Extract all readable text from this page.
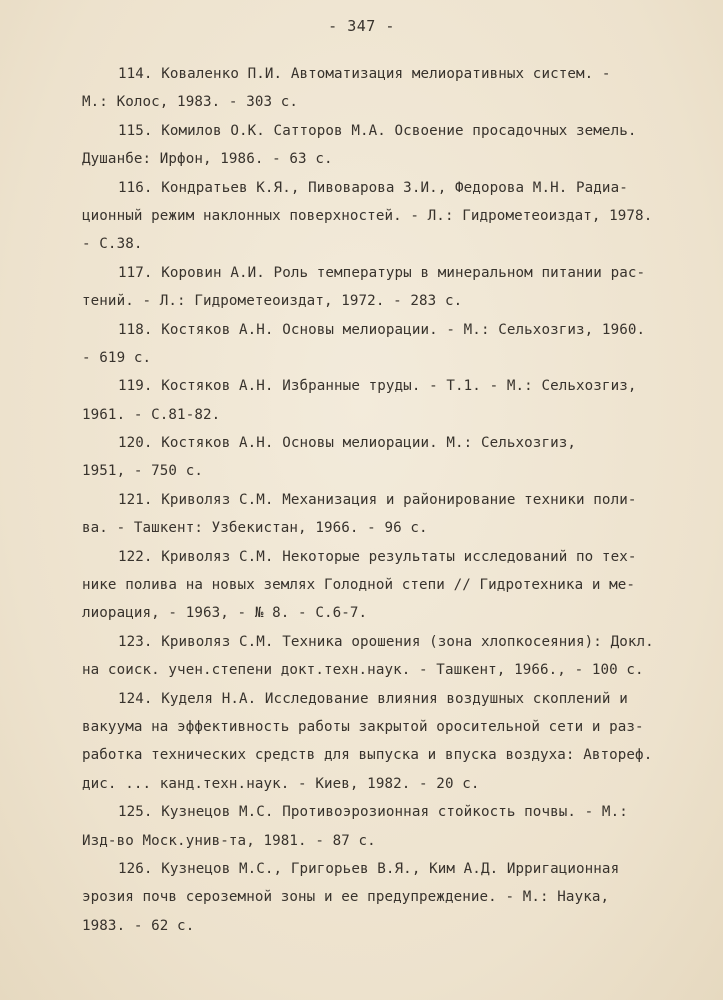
- 347 -
114. Коваленко П.И. Автоматизация мелиоративных систем. -
М.: Колос, 1983. - 303 с.
115. Комилов О.К. Сатторов М.А. Освоение просадочных земель.
Душанбе: Ирфон, 1986. - 63 с.
116. Кондратьев К.Я., Пивоварова З.И., Федорова М.Н. Радиа-
ционный режим наклонных поверхностей. - Л.: Гидрометеоиздат, 1978.
- С.38.
117. Коровин А.И. Роль температуры в минеральном питании рас-
тений. - Л.: Гидрометеоиздат, 1972. - 283 с.
118. Костяков А.Н. Основы мелиорации. - М.: Сельхозгиз, 1960.
- 619 с.
119. Костяков А.Н. Избранные труды. - Т.1. - М.: Сельхозгиз,
1961. - С.81-82.
120. Костяков А.Н. Основы мелиорации. М.: Сельхозгиз,
1951, - 750 с.
121. Криволяз С.М. Механизация и районирование техники поли-
ва. - Ташкент: Узбекистан, 1966. - 96 с.
122. Криволяз С.М. Некоторые результаты исследований по тех-
нике полива на новых землях Голодной степи // Гидротехника и ме-
лиорация, - 1963, - № 8. - С.6-7.
123. Криволяз С.М. Техника орошения (зона хлопкосеяния): Докл.
на соиск. учен.степени докт.техн.наук. - Ташкент, 1966., - 100 с.
124. Куделя Н.А. Исследование влияния воздушных скоплений и
вакуума на эффективность работы закрытой оросительной сети и раз-
работка технических средств для выпуска и впуска воздуха: Автореф.
дис. ... канд.техн.наук. - Киев, 1982. - 20 с.
125. Кузнецов М.С. Противоэрозионная стойкость почвы. - М.:
Изд-во Моск.унив-та, 1981. - 87 с.
126. Кузнецов М.С., Григорьев В.Я., Ким А.Д. Ирригационная
эрозия почв сероземной зоны и ее предупреждение. - М.: Наука,
1983. - 62 с.
